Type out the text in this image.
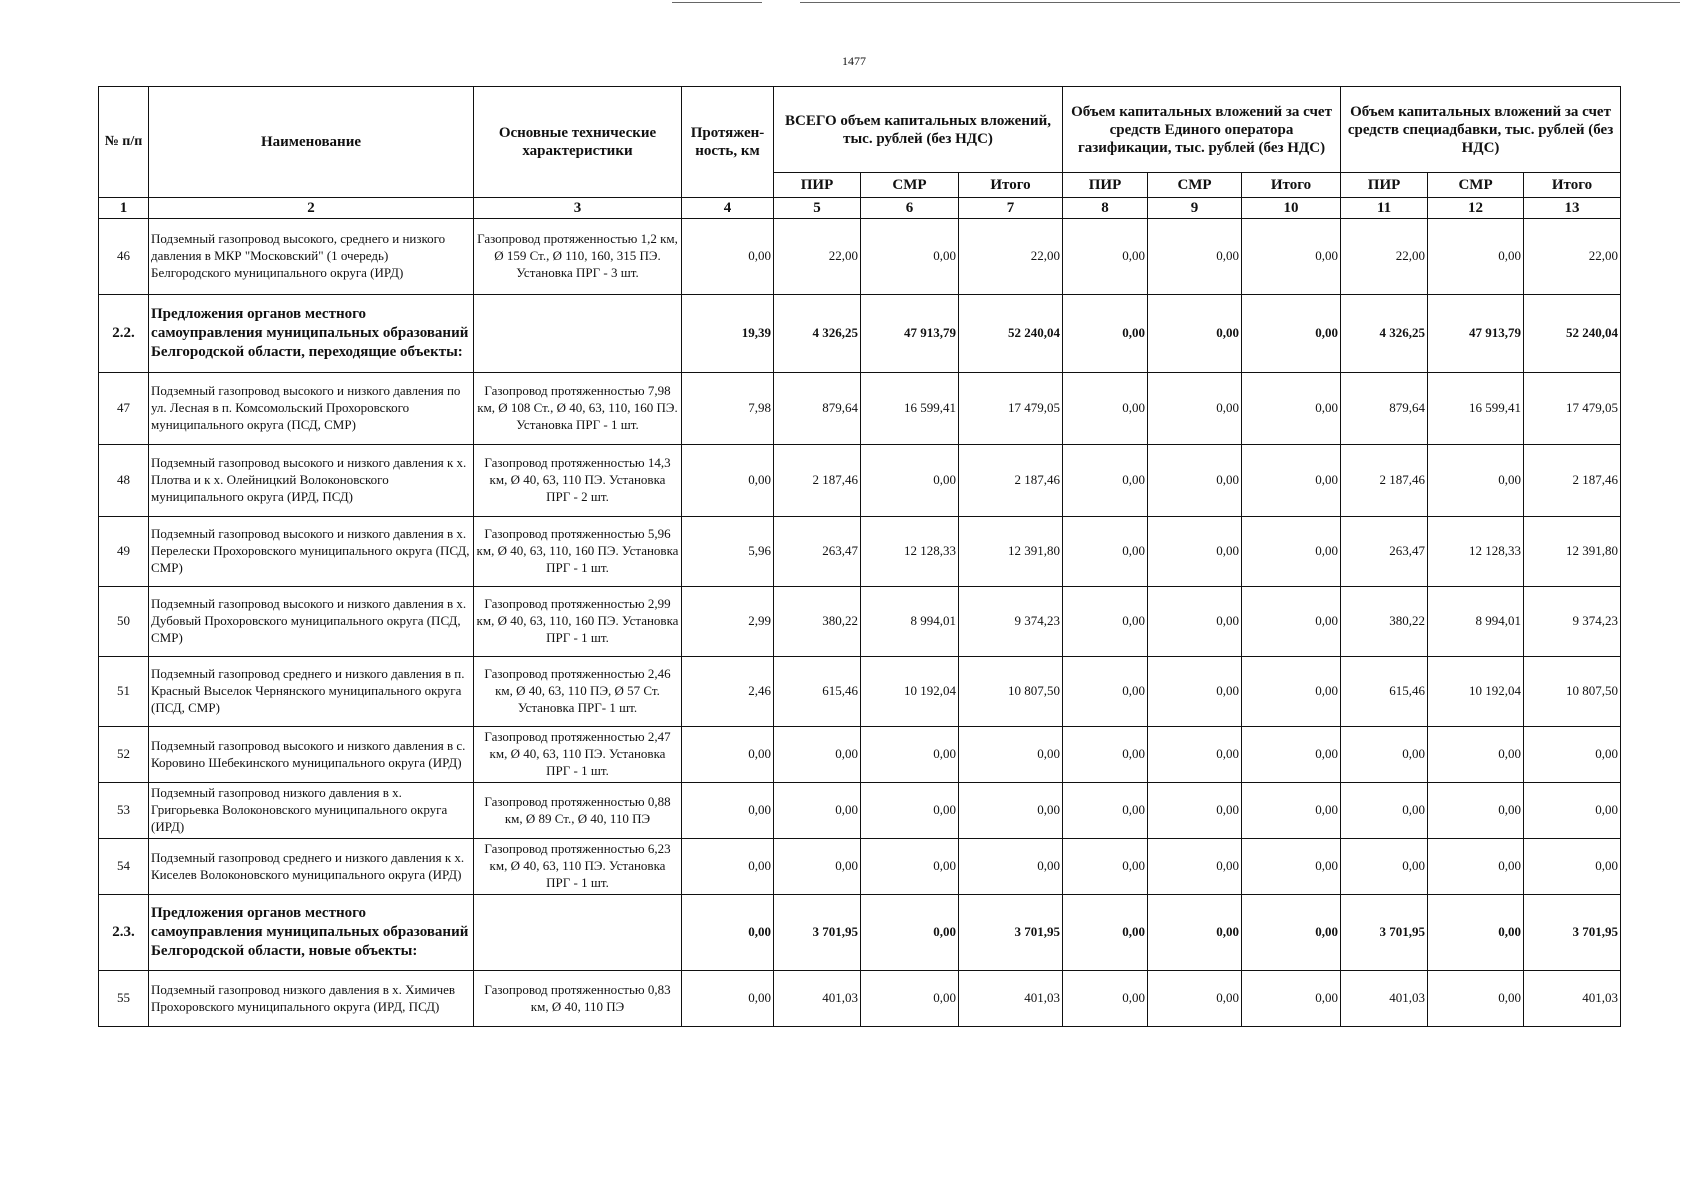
1477
№ п/п	Наименование	Основные технические характеристики	Протяжен-ность, км	ВСЕГО объем капитальных вложений, тыс. рублей (без НДС)			Объем капитальных вложений за счет средств Единого оператора газификации, тыс. рублей (без НДС)			Объем капитальных вложений за счет средств специадбавки, тыс. рублей (без НДС)		
				ПИР	СМР	Итого	ПИР	СМР	Итого	ПИР	СМР	Итого
1	2	3	4	5	6	7	8	9	10	11	12	13
46	Подземный газопровод высокого, среднего и низкого давления в МКР "Московский" (1 очередь) Белгородского муниципального округа (ИРД)	Газопровод протяженностью 1,2 км, Ø 159 Ст., Ø 110, 160, 315 ПЭ. Установка ПРГ - 3 шт.	0,00	22,00	0,00	22,00	0,00	0,00	0,00	22,00	0,00	22,00
2.2.	Предложения органов местного самоуправления муниципальных образований Белгородской области, переходящие объекты:		19,39	4 326,25	47 913,79	52 240,04	0,00	0,00	0,00	4 326,25	47 913,79	52 240,04
47	Подземный газопровод высокого и низкого давления по ул. Лесная в п. Комсомольский Прохоровского муниципального округа (ПСД, СМР)	Газопровод протяженностью 7,98 км, Ø 108 Ст., Ø 40, 63, 110, 160 ПЭ. Установка ПРГ - 1 шт.	7,98	879,64	16 599,41	17 479,05	0,00	0,00	0,00	879,64	16 599,41	17 479,05
48	Подземный газопровод высокого и низкого давления к х. Плотва и к х. Олейницкий Волоконовского муниципального округа (ИРД, ПСД)	Газопровод протяженностью 14,3 км, Ø 40, 63, 110 ПЭ. Установка ПРГ - 2 шт.	0,00	2 187,46	0,00	2 187,46	0,00	0,00	0,00	2 187,46	0,00	2 187,46
49	Подземный газопровод высокого и низкого давления в х. Перелески Прохоровского муниципального округа (ПСД, СМР)	Газопровод протяженностью 5,96 км, Ø 40, 63, 110, 160 ПЭ. Установка ПРГ - 1 шт.	5,96	263,47	12 128,33	12 391,80	0,00	0,00	0,00	263,47	12 128,33	12 391,80
50	Подземный газопровод высокого и низкого давления в х. Дубовый Прохоровского муниципального округа (ПСД, СМР)	Газопровод протяженностью 2,99 км, Ø 40, 63, 110, 160 ПЭ. Установка ПРГ - 1 шт.	2,99	380,22	8 994,01	9 374,23	0,00	0,00	0,00	380,22	8 994,01	9 374,23
51	Подземный газопровод среднего и низкого давления в п. Красный Выселок Чернянского муниципального округа (ПСД, СМР)	Газопровод протяженностью 2,46 км, Ø 40, 63, 110 ПЭ, Ø 57 Ст. Установка ПРГ- 1 шт.	2,46	615,46	10 192,04	10 807,50	0,00	0,00	0,00	615,46	10 192,04	10 807,50
52	Подземный газопровод высокого и низкого давления в с. Коровино Шебекинского муниципального округа (ИРД)	Газопровод протяженностью 2,47 км, Ø 40, 63, 110 ПЭ. Установка ПРГ - 1 шт.	0,00	0,00	0,00	0,00	0,00	0,00	0,00	0,00	0,00	0,00
53	Подземный газопровод низкого давления в х. Григорьевка Волоконовского муниципального округа (ИРД)	Газопровод протяженностью 0,88 км, Ø 89 Ст., Ø 40, 110 ПЭ	0,00	0,00	0,00	0,00	0,00	0,00	0,00	0,00	0,00	0,00
54	Подземный газопровод среднего и низкого давления к х. Киселев Волоконовского муниципального округа (ИРД)	Газопровод протяженностью 6,23 км, Ø 40, 63, 110 ПЭ. Установка ПРГ - 1 шт.	0,00	0,00	0,00	0,00	0,00	0,00	0,00	0,00	0,00	0,00
2.3.	Предложения органов местного самоуправления муниципальных образований Белгородской области, новые объекты:		0,00	3 701,95	0,00	3 701,95	0,00	0,00	0,00	3 701,95	0,00	3 701,95
55	Подземный газопровод низкого давления в х. Химичев Прохоровского муниципального округа (ИРД, ПСД)	Газопровод протяженностью 0,83 км, Ø 40, 110 ПЭ	0,00	401,03	0,00	401,03	0,00	0,00	0,00	401,03	0,00	401,03
